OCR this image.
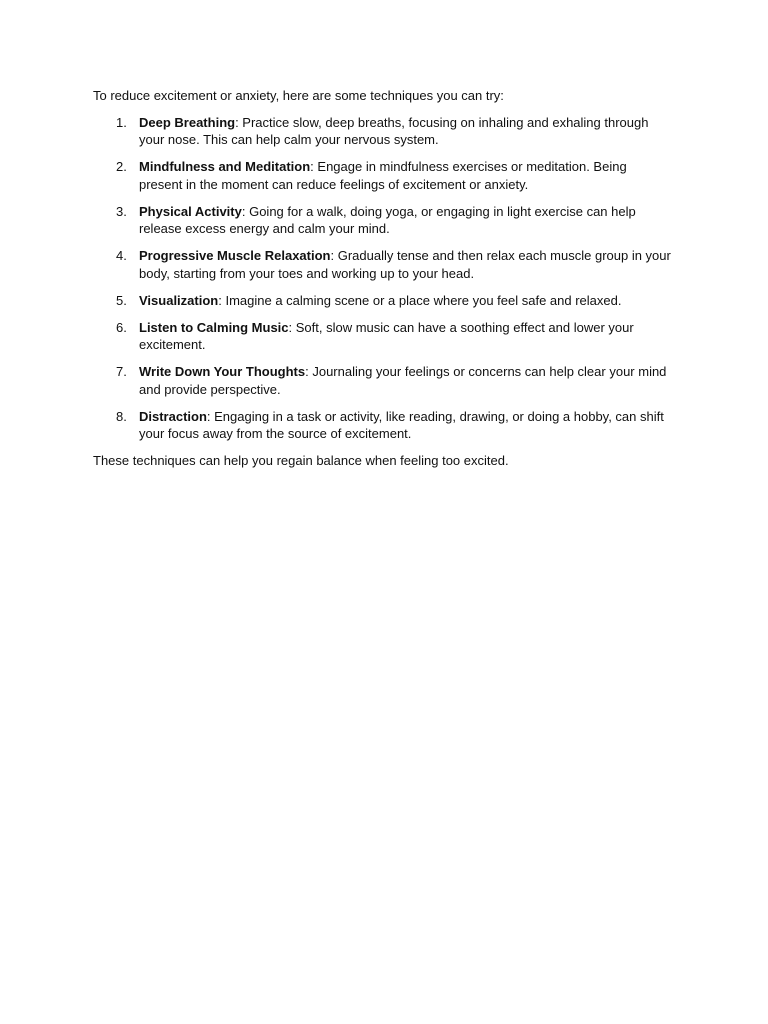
To reduce excitement or anxiety, here are some techniques you can try:

1. Deep Breathing: Practice slow, deep breaths, focusing on inhaling and exhaling through your nose. This can help calm your nervous system.
2. Mindfulness and Meditation: Engage in mindfulness exercises or meditation. Being present in the moment can reduce feelings of excitement or anxiety.
3. Physical Activity: Going for a walk, doing yoga, or engaging in light exercise can help release excess energy and calm your mind.
4. Progressive Muscle Relaxation: Gradually tense and then relax each muscle group in your body, starting from your toes and working up to your head.
5. Visualization: Imagine a calming scene or a place where you feel safe and relaxed.
6. Listen to Calming Music: Soft, slow music can have a soothing effect and lower your excitement.
7. Write Down Your Thoughts: Journaling your feelings or concerns can help clear your mind and provide perspective.
8. Distraction: Engaging in a task or activity, like reading, drawing, or doing a hobby, can shift your focus away from the source of excitement.

These techniques can help you regain balance when feeling too excited.
